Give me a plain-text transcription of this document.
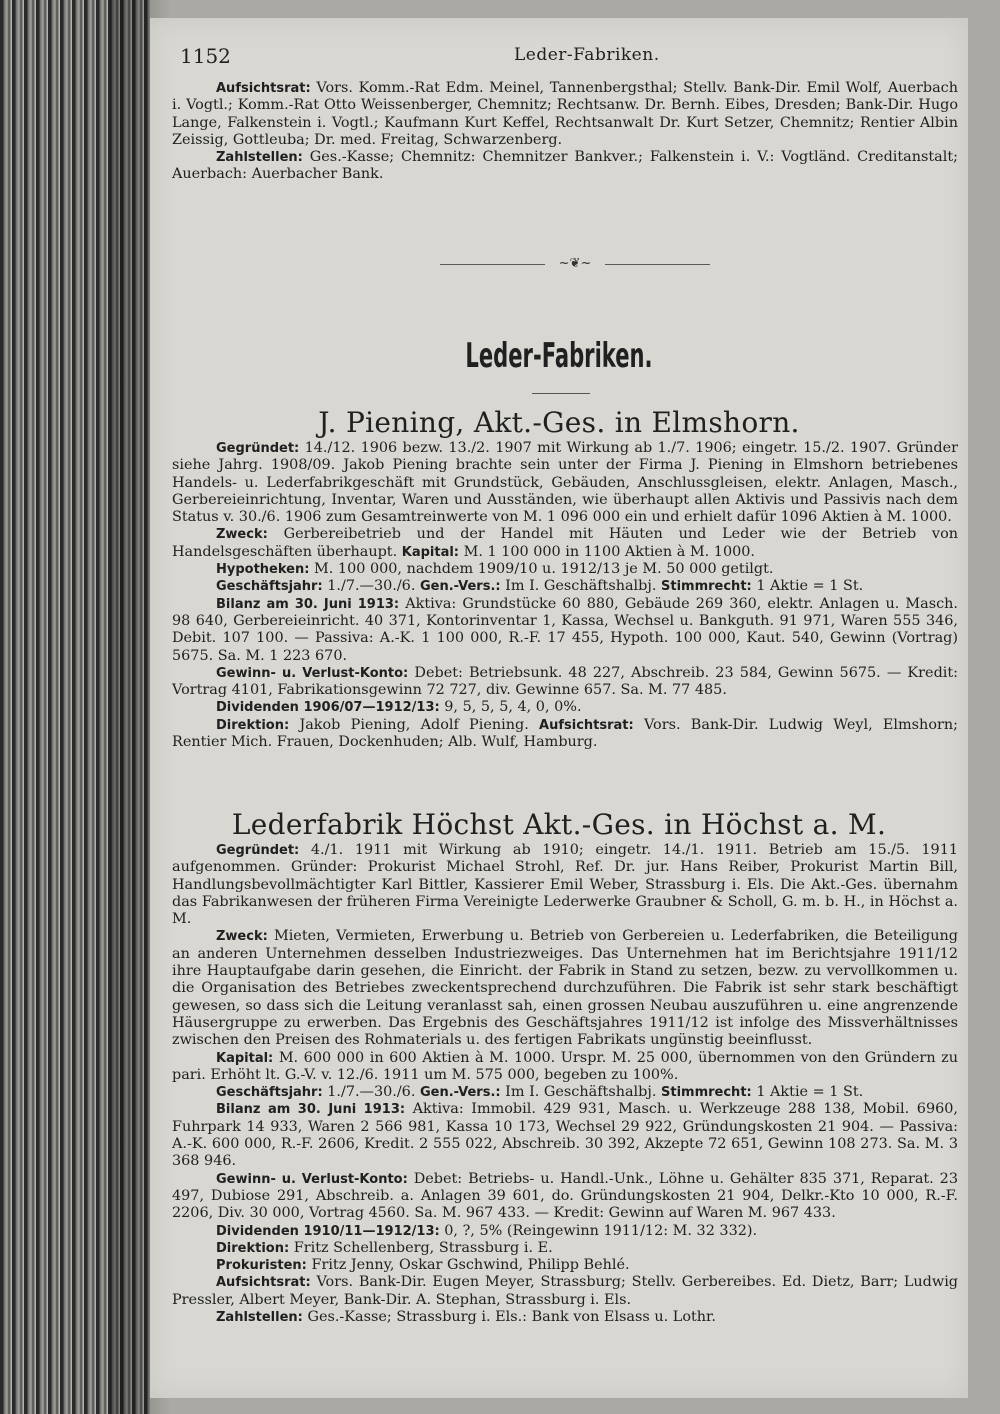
1152	Leder-Fabriken.

Aufsichtsrat: Vors. Komm.-Rat Edm. Meinel, Tannenbergsthal; Stellv. Bank-Dir. Emil Wolf, Auerbach i. Vogtl.; Komm.-Rat Otto Weissenberger, Chemnitz; Rechtsanw. Dr. Bernh. Eibes, Dresden; Bank-Dir. Hugo Lange, Falkenstein i. Vogtl.; Kaufmann Kurt Keffel, Rechtsanwalt Dr. Kurt Setzer, Chemnitz; Rentier Albin Zeissig, Gottleuba; Dr. med. Freitag, Schwarzenberg.

Zahlstellen: Ges.-Kasse; Chemnitz: Chemnitzer Bankver.; Falkenstein i. V.: Vogtländ. Creditanstalt; Auerbach: Auerbacher Bank.

~❦~
Leder-Fabriken.
J. Piening, Akt.-Ges. in Elmshorn.

Gegründet: 14./12. 1906 bezw. 13./2. 1907 mit Wirkung ab 1./7. 1906; eingetr. 15./2. 1907. Gründer siehe Jahrg. 1908/09. Jakob Piening brachte sein unter der Firma J. Piening in Elmshorn betriebenes Handels- u. Lederfabrikgeschäft mit Grundstück, Gebäuden, Anschlussgleisen, elektr. Anlagen, Masch., Gerbereieinrichtung, Inventar, Waren und Ausständen, wie überhaupt allen Aktivis und Passivis nach dem Status v. 30./6. 1906 zum Gesamtreinwerte von M. 1 096 000 ein und erhielt dafür 1096 Aktien à M. 1000.

Zweck: Gerbereibetrieb und der Handel mit Häuten und Leder wie der Betrieb von Handelsgeschäften überhaupt. Kapital: M. 1 100 000 in 1100 Aktien à M. 1000.

Hypotheken: M. 100 000, nachdem 1909/10 u. 1912/13 je M. 50 000 getilgt.

Geschäftsjahr: 1./7.—30./6. Gen.-Vers.: Im I. Geschäftshalbj. Stimmrecht: 1 Aktie = 1 St.

Bilanz am 30. Juni 1913: Aktiva: Grundstücke 60 880, Gebäude 269 360, elektr. Anlagen u. Masch. 98 640, Gerbereieinricht. 40 371, Kontorinventar 1, Kassa, Wechsel u. Bankguth. 91 971, Waren 555 346, Debit. 107 100. — Passiva: A.-K. 1 100 000, R.-F. 17 455, Hypoth. 100 000, Kaut. 540, Gewinn (Vortrag) 5675. Sa. M. 1 223 670.

Gewinn- u. Verlust-Konto: Debet: Betriebsunk. 48 227, Abschreib. 23 584, Gewinn 5675. — Kredit: Vortrag 4101, Fabrikationsgewinn 72 727, div. Gewinne 657. Sa. M. 77 485.

Dividenden 1906/07—1912/13: 9, 5, 5, 5, 4, 0, 0%.

Direktion: Jakob Piening, Adolf Piening. Aufsichtsrat: Vors. Bank-Dir. Ludwig Weyl, Elmshorn; Rentier Mich. Frauen, Dockenhuden; Alb. Wulf, Hamburg.

Lederfabrik Höchst Akt.-Ges. in Höchst a. M.

Gegründet: 4./1. 1911 mit Wirkung ab 1910; eingetr. 14./1. 1911. Betrieb am 15./5. 1911 aufgenommen. Gründer: Prokurist Michael Strohl, Ref. Dr. jur. Hans Reiber, Prokurist Martin Bill, Handlungsbevollmächtigter Karl Bittler, Kassierer Emil Weber, Strassburg i. Els. Die Akt.-Ges. übernahm das Fabrikanwesen der früheren Firma Vereinigte Lederwerke Graubner & Scholl, G. m. b. H., in Höchst a. M.

Zweck: Mieten, Vermieten, Erwerbung u. Betrieb von Gerbereien u. Lederfabriken, die Beteiligung an anderen Unternehmen desselben Industriezweiges. Das Unternehmen hat im Berichtsjahre 1911/12 ihre Hauptaufgabe darin gesehen, die Einricht. der Fabrik in Stand zu setzen, bezw. zu vervollkommen u. die Organisation des Betriebes zweckentsprechend durchzuführen. Die Fabrik ist sehr stark beschäftigt gewesen, so dass sich die Leitung veranlasst sah, einen grossen Neubau auszuführen u. eine angrenzende Häusergruppe zu erwerben. Das Ergebnis des Geschäftsjahres 1911/12 ist infolge des Missverhältnisses zwischen den Preisen des Rohmaterials u. des fertigen Fabrikats ungünstig beeinflusst.

Kapital: M. 600 000 in 600 Aktien à M. 1000. Urspr. M. 25 000, übernommen von den Gründern zu pari. Erhöht lt. G.-V. v. 12./6. 1911 um M. 575 000, begeben zu 100%.

Geschäftsjahr: 1./7.—30./6. Gen.-Vers.: Im I. Geschäftshalbj. Stimmrecht: 1 Aktie = 1 St.

Bilanz am 30. Juni 1913: Aktiva: Immobil. 429 931, Masch. u. Werkzeuge 288 138, Mobil. 6960, Fuhrpark 14 933, Waren 2 566 981, Kassa 10 173, Wechsel 29 922, Gründungskosten 21 904. — Passiva: A.-K. 600 000, R.-F. 2606, Kredit. 2 555 022, Abschreib. 30 392, Akzepte 72 651, Gewinn 108 273. Sa. M. 3 368 946.

Gewinn- u. Verlust-Konto: Debet: Betriebs- u. Handl.-Unk., Löhne u. Gehälter 835 371, Reparat. 23 497, Dubiose 291, Abschreib. a. Anlagen 39 601, do. Gründungskosten 21 904, Delkr.-Kto 10 000, R.-F. 2206, Div. 30 000, Vortrag 4560. Sa. M. 967 433. — Kredit: Gewinn auf Waren M. 967 433.

Dividenden 1910/11—1912/13: 0, ?, 5% (Reingewinn 1911/12: M. 32 332).

Direktion: Fritz Schellenberg, Strassburg i. E.

Prokuristen: Fritz Jenny, Oskar Gschwind, Philipp Behlé.

Aufsichtsrat: Vors. Bank-Dir. Eugen Meyer, Strassburg; Stellv. Gerbereibes. Ed. Dietz, Barr; Ludwig Pressler, Albert Meyer, Bank-Dir. A. Stephan, Strassburg i. Els.

Zahlstellen: Ges.-Kasse; Strassburg i. Els.: Bank von Elsass u. Lothr.
